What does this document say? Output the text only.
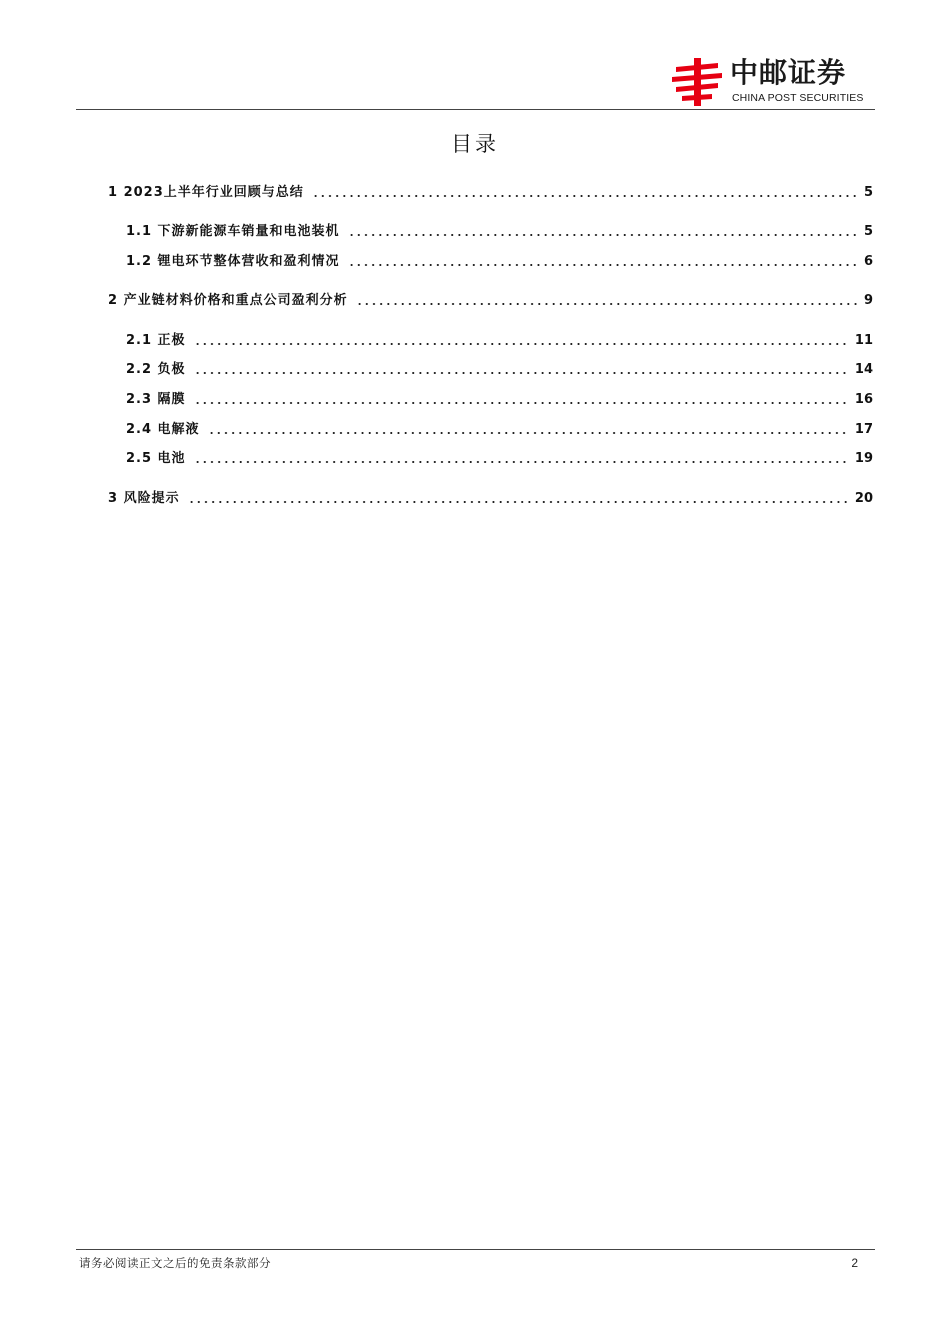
中邮证券
CHINA POST SECURITIES
目录
1 2023上半年行业回顾与总结	5
1.1 下游新能源车销量和电池装机	5
1.2 锂电环节整体营收和盈利情况	6
2 产业链材料价格和重点公司盈利分析	9
2.1 正极	11
2.2 负极	14
2.3 隔膜	16
2.4 电解液	17
2.5 电池	19
3 风险提示	20
请务必阅读正文之后的免责条款部分	2
